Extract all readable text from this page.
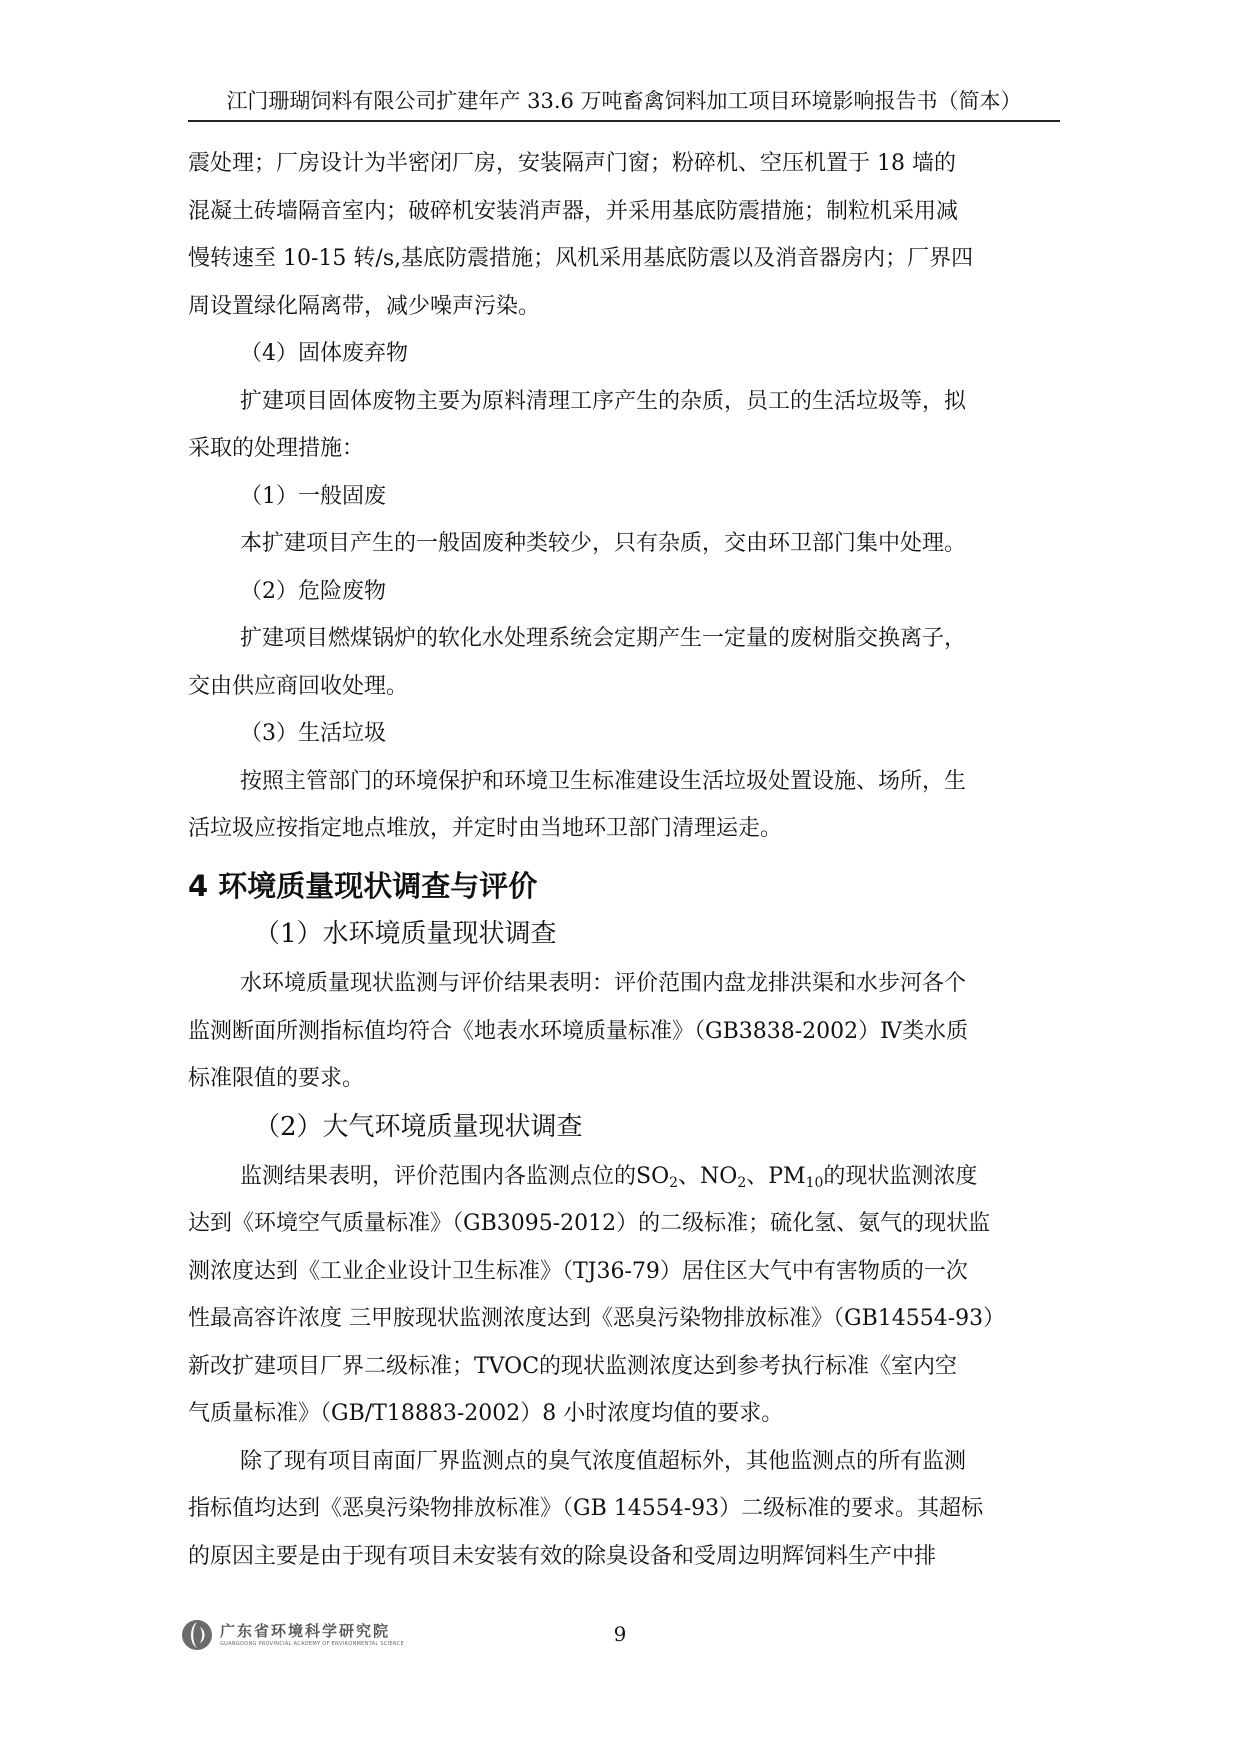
江门珊瑚饲料有限公司扩建年产 33.6 万吨畜禽饲料加工项目环境影响报告书（简本）

震处理；厂房设计为半密闭厂房，安装隔声门窗；粉碎机、空压机置于 18 墙的

混凝土砖墙隔音室内；破碎机安装消声器，并采用基底防震措施；制粒机采用减

慢转速至 10-15 转/s,基底防震措施；风机采用基底防震以及消音器房内；厂界四

周设置绿化隔离带，减少噪声污染。

（4）固体废弃物

扩建项目固体废物主要为原料清理工序产生的杂质，员工的生活垃圾等，拟

采取的处理措施：

（1）一般固废

本扩建项目产生的一般固废种类较少，只有杂质，交由环卫部门集中处理。

（2）危险废物

扩建项目燃煤锅炉的软化水处理系统会定期产生一定量的废树脂交换离子，

交由供应商回收处理。

（3）生活垃圾

按照主管部门的环境保护和环境卫生标准建设生活垃圾处置设施、场所，生

活垃圾应按指定地点堆放，并定时由当地环卫部门清理运走。

4 环境质量现状调查与评价

（1）水环境质量现状调查

水环境质量现状监测与评价结果表明：评价范围内盘龙排洪渠和水步河各个

监测断面所测指标值均符合《地表水环境质量标准》（GB3838-2002）Ⅳ类水质

标准限值的要求。

（2）大气环境质量现状调查

监测结果表明，评价范围内各监测点位的$SO_2$、$NO_2$、$PM_{10}$的现状监测浓度

达到《环境空气质量标准》（GB3095-2012）的二级标准；硫化氢、氨气的现状监

测浓度达到《工业企业设计卫生标准》（TJ36-79）居住区大气中有害物质的一次

性最高容许浓度 三甲胺现状监测浓度达到《恶臭污染物排放标准》（GB14554-93）

新改扩建项目厂界二级标准；TVOC的现状监测浓度达到参考执行标准《室内空

气质量标准》（GB/T18883-2002）8 小时浓度均值的要求。

除了现有项目南面厂界监测点的臭气浓度值超标外，其他监测点的所有监测

指标值均达到《恶臭污染物排放标准》（GB 14554-93）二级标准的要求。其超标

的原因主要是由于现有项目未安装有效的除臭设备和受周边明辉饲料生产中排

广东省环境科学研究院
GUANGDONG PROVINCIAL ACADEMY OF ENVIRONMENTAL SCIENCE	9
